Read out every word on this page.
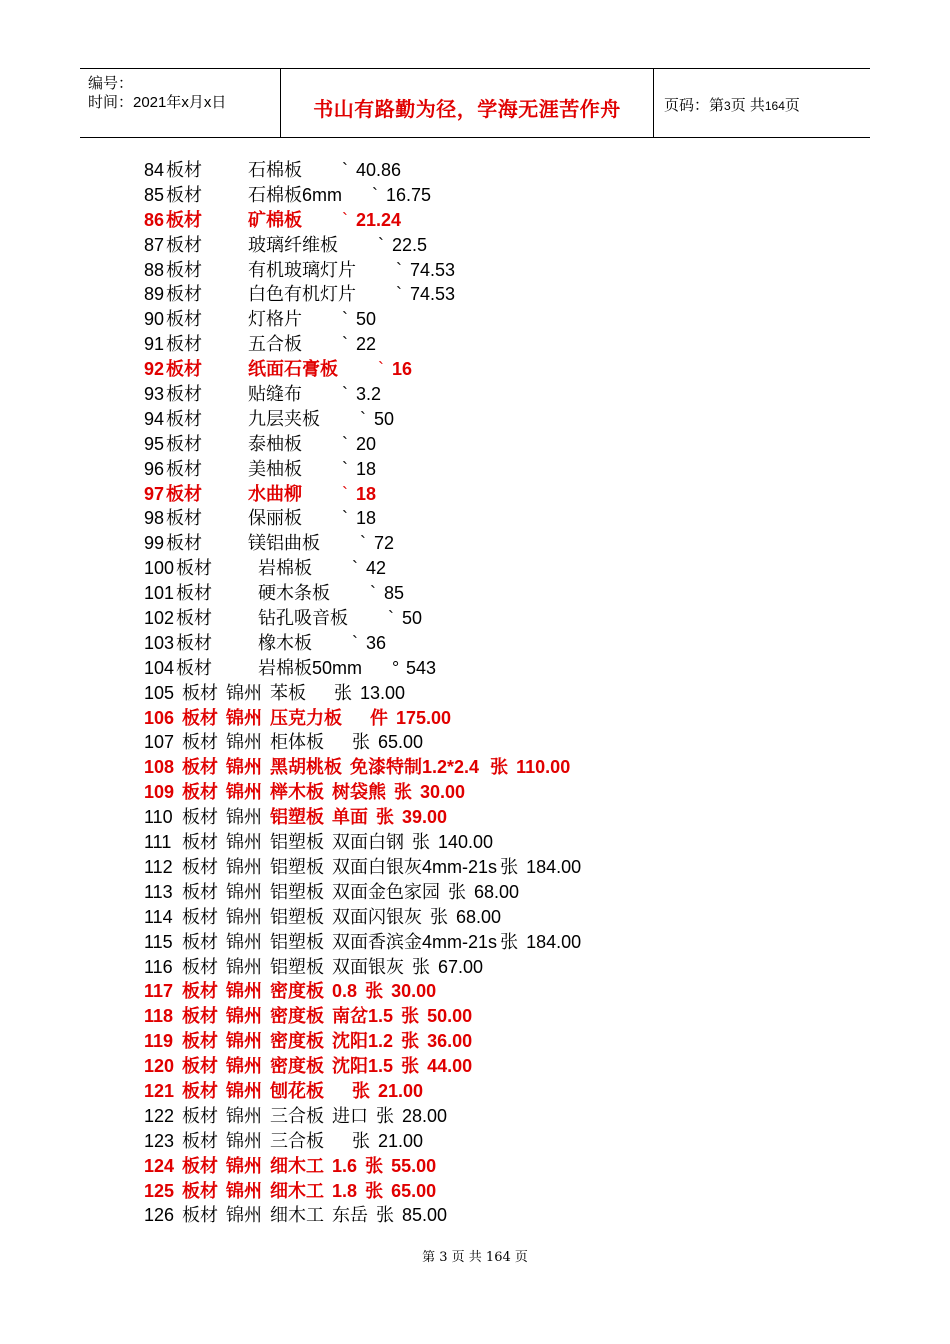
编号：
时间：2021年x月x日	书山有路勤为径，学海无涯苦作舟	页码：第3页 共164页
84 板材	石棉板 ` 40.86
85 板材	石棉板6mm ` 16.75
86 板材	矿棉板 ` 21.24
87 板材	玻璃纤维板 ` 22.5
88 板材	有机玻璃灯片 ` 74.53
89 板材	白色有机灯片 ` 74.53
90 板材	灯格片 ` 50
91 板材	五合板 ` 22
92 板材	纸面石膏板 ` 16
93 板材	贴缝布 ` 3.2
94 板材	九层夹板 ` 50
95 板材	泰柚板 ` 20
96 板材	美柚板 ` 18
97 板材	水曲柳 ` 18
98 板材	保丽板 ` 18
99 板材	镁铝曲板 ` 72
100 板材	岩棉板 ` 42
101 板材	硬木条板 ` 85
102 板材	钻孔吸音板 ` 50
103 板材	橡木板 ` 36
104 板材	岩棉板50mm ° 543
105 板材 锦州 苯板 张 13.00
106 板材 锦州 压克力板 件 175.00
107 板材 锦州 柜体板 张 65.00
108 板材 锦州 黑胡桃板 免漆特制1.2*2.4 张 110.00
109 板材 锦州 榉木板 树袋熊 张 30.00
110 板材 锦州 铝塑板 单面 张 39.00
111 板材 锦州 铝塑板 双面白钢 张 140.00
112 板材 锦州 铝塑板 双面白银灰4mm-21s 张 184.00
113 板材 锦州 铝塑板 双面金色家园 张 68.00
114 板材 锦州 铝塑板 双面闪银灰 张 68.00
115 板材 锦州 铝塑板 双面香滨金4mm-21s 张 184.00
116 板材 锦州 铝塑板 双面银灰 张 67.00
117 板材 锦州 密度板 0.8 张 30.00
118 板材 锦州 密度板 南岔1.5 张 50.00
119 板材 锦州 密度板 沈阳1.2 张 36.00
120 板材 锦州 密度板 沈阳1.5 张 44.00
121 板材 锦州 刨花板 张 21.00
122 板材 锦州 三合板 进口 张 28.00
123 板材 锦州 三合板 张 21.00
124 板材 锦州 细木工 1.6 张 55.00
125 板材 锦州 细木工 1.8 张 65.00
126 板材 锦州 细木工 东岳 张 85.00
第 3 页 共 164 页
